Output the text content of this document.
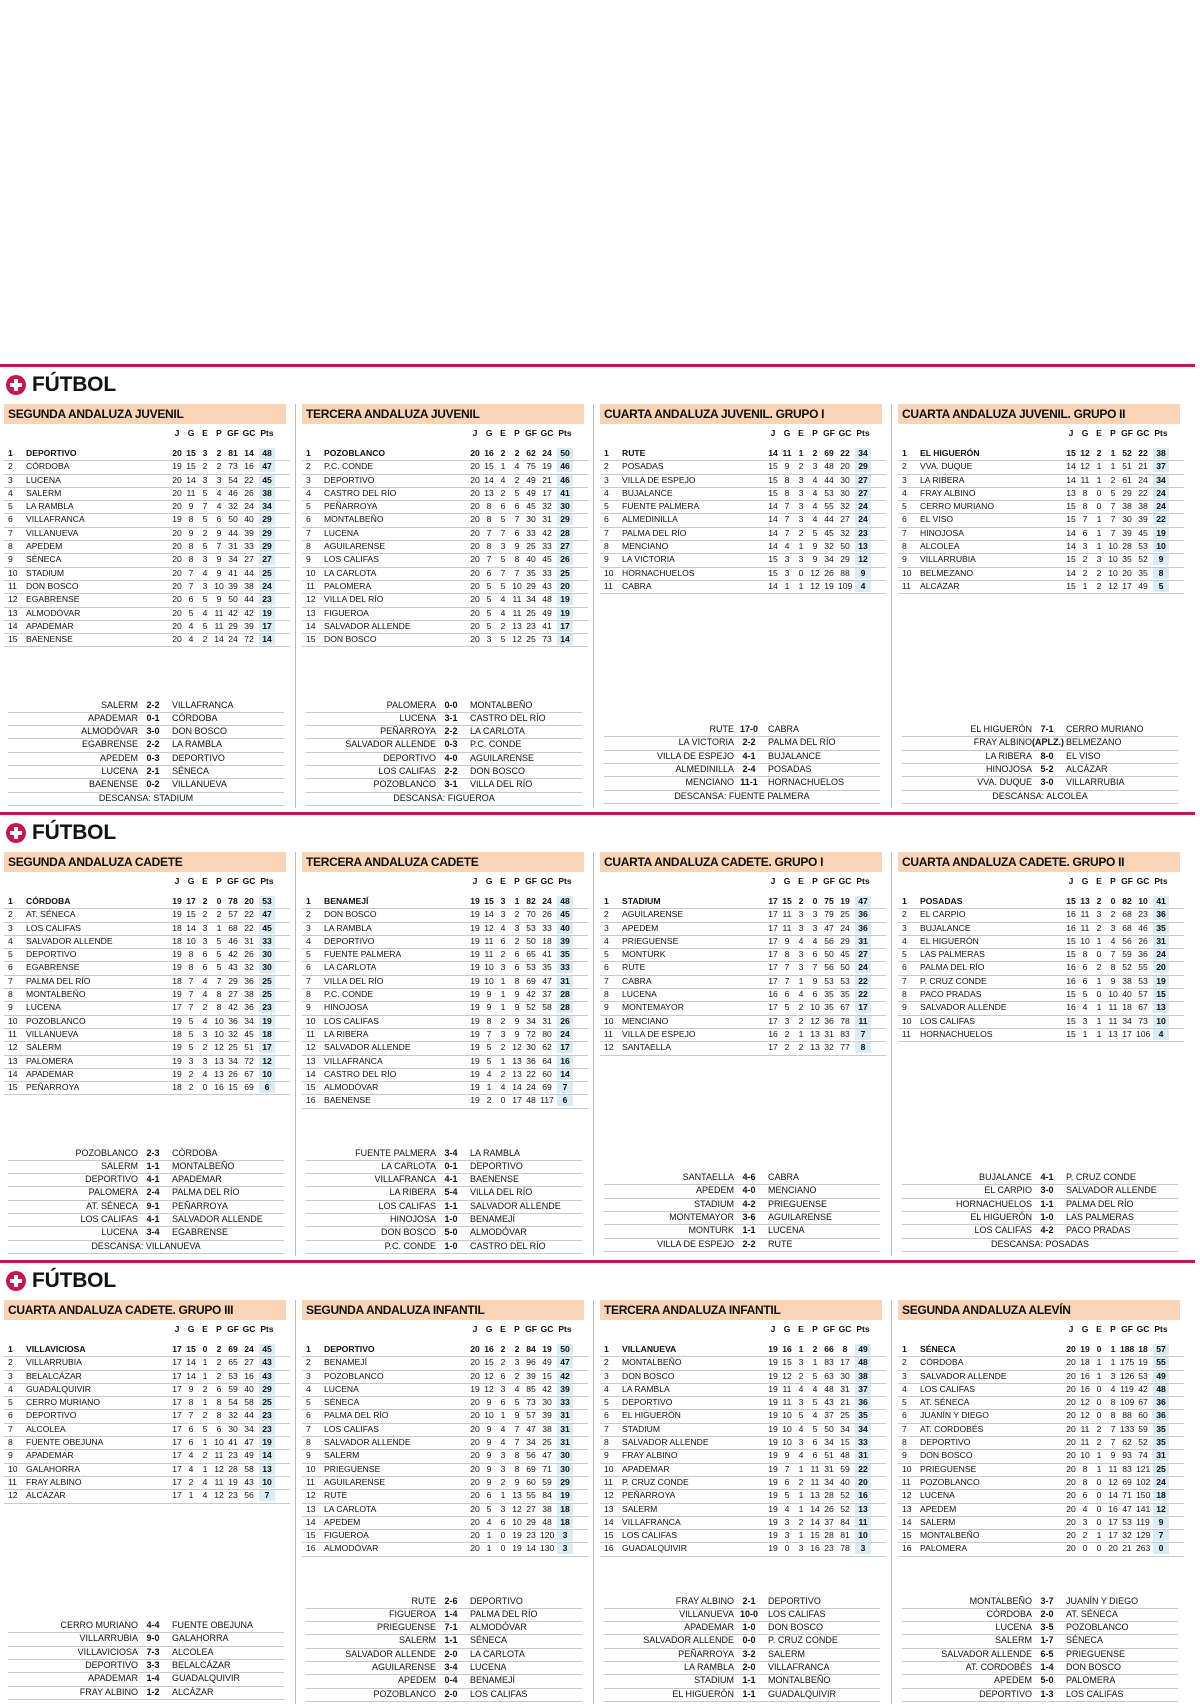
FÚTBOL
SEGUNDA ANDALUZA JUVENIL
J G E P GF GC Pts
1	DEPORTIVO	20 15 3	2 81 14 48
2	CÓRDOBA	19 15 2	2 73 16 47
3	LUCENA	20 14 3	3 54 22 45
4	SALERM	20 11 5	4 46 26 38
5	LA RAMBLA	20 9	7	4 32 24 34
6	VILLAFRANCA	19 8	5	6 50 40 29
7	VILLANUEVA	20 9	2	9 44 39 29
8	APEDEM	20 8	5	7 31 33 29
9	SÉNECA	20 8	3	9 34 27 27
10 STADIUM	20 7	4	9 41 44 25
11	DON BOSCO	20 7	3 10 39 38 24
12 EGABRENSE	20 6	5	9 50 44 23
13 ALMODÓVAR	20 5	4 11 42 42 19
14 APADEMAR	20 4	5 11 29 39 17
15 BAENENSE	20 4	2 14 24 72 14
SALERM 2-2	VILLAFRANCA
APADEMAR 0-1	CÓRDOBA
ALMODÓVAR 3-0	DON BOSCO
EGABRENSE 2-2	LA RAMBLA
APEDEM 0-3	DEPORTIVO
LUCENA 2-1	SÉNECA
BAENENSE 0-2	VILLANUEVA
DESCANSA: STADIUM
TERCERA ANDALUZA JUVENIL
J G E P GF GC Pts
1	POZOBLANCO	20 16 2	2 62 24 50
2	P.C. CONDE	20 15 1	4 75 19 46
3	DEPORTIVO	20 14 4	2 49 21 46
4	CASTRO DEL RÍO	20 13 2	5 49 17 41
5	PEÑARROYA	20 8	6	6 45 32 30
6	MONTALBEÑO	20 8	5	7 30 31 29
7	LUCENA	20 7	7	6 33 42 28
8	AGUILARENSE	20 8	3	9 25 33 27
9	LOS CALIFAS	20 7	5	8 40 45 26
10 LA CARLOTA	20 6	7	7 35 33 25
11	PALOMERA	20 5	5 10 29 43 20
12 VILLA DEL RÍO	20 5	4 11 34 48 19
13 FIGUEROA	20 5	4 11 25 49 19
14 SALVADOR ALLENDE	20 5	2 13 23 41 17
15 DON BOSCO	20 3	5 12 25 73 14
PALOMERA 0-0	MONTALBEÑO
LUCENA 3-1	CASTRO DEL RÍO
PEÑARROYA 2-2	LA CARLOTA
SALVADOR ALLENDE 0-3	P.C. CONDE
DEPORTIVO 4-0	AGUILARENSE
LOS CALIFAS 2-2	DON BOSCO
POZOBLANCO 3-1	VILLA DEL RÍO
DESCANSA: FIGUEROA
CUARTA ANDALUZA JUVENIL. GRUPO I
J G E P GF GC Pts
1	RUTE	14 11 1	2 69 22 34
2	POSADAS	15 9	2	3 48 20 29
3	VILLA DE ESPEJO	15 8	3	4 44 30 27
4	BUJALANCE	15 8	3	4 53 30 27
5	FUENTE PALMERA	14 7	3	4 55 32 24
6	ALMEDINILLA	14 7	3	4 44 27 24
7	PALMA DEL RÍO	14 7	2	5 45 32 23
8	MENCIANO	14 4	1	9 32 50 13
9	LA VICTORIA	15 3	3	9 34 29 12
10 HORNACHUELOS	15 3	0 12 26 88	9
11	CABRA	14 1	1 12 19 109 4
RUTE 17-0	CABRA
LA VICTORIA 2-2	PALMA DEL RÍO
VILLA DE ESPEJO 4-1	BUJALANCE
ALMEDINILLA 2-4	POSADAS
MENCIANO 11-1	HORNACHUELOS
DESCANSA: FUENTE PALMERA
CUARTA ANDALUZA JUVENIL. GRUPO II
J G E P GF GC Pts
1	EL HIGUERÓN	15 12 2	1 52 22 38
2	VVA. DUQUE	14 12 1	1 51 21 37
3	LA RIBERA	14 11 1	2 61 24 34
4	FRAY ALBINO	13 8	0	5 29 22 24
5	CERRO MURIANO	15 8	0	7 38 38 24
6	EL VISO	15 7	1	7 30 39 22
7	HINOJOSA	14 6	1	7 39 45 19
8	ALCOLEA	14 3	1 10 28 53 10
9	VILLARRUBIA	15 2	3 10 35 52	9
10 BELMEZANO	14 2	2 10 20 35	8
11	ALCÁZAR	15 1	2 12 17 49	5
EL HIGUERÓN 7-1	CERRO MURIANO
FRAY ALBINO (APLZ.) BELMEZANO
LA RIBERA 8-0	EL VISO
HINOJOSA 5-2	ALCÁZAR
VVA. DUQUE 3-0	VILLARRUBIA
DESCANSA: ALCOLEA
FÚTBOL
SEGUNDA ANDALUZA CADETE
J G E P GF GC Pts
1	CÓRDOBA	19 17 2	0 78 20 53
2	AT. SÉNECA	19 15 2	2 57 22 47
3	LOS CALIFAS	18 14 3	1 68 22 45
4	SALVADOR ALLENDE	18 10 3	5 46 31 33
5	DEPORTIVO	19 8	6	5 42 26 30
6	EGABRENSE	19 8	6	5 43 32 30
7	PALMA DEL RÍO	18 7	4	7 29 36 25
8	MONTALBEÑO	19 7	4	8 27 38 25
9	LUCENA	17 7	2	8 42 36 23
10 POZOBLANCO	19 5	4 10 36 34 19
11	VILLANUEVA	18 5	3 10 32 45 18
12 SALERM	19 5	2 12 25 51 17
13 PALOMERA	19 3	3 13 34 72 12
14 APADEMAR	19 2	4 13 26 67 10
15 PEÑARROYA	18 2	0 16 15 69	6
POZOBLANCO 2-3	CÓRDOBA
SALERM 1-1	MONTALBEÑO
DEPORTIVO 4-1	APADEMAR
PALOMERA 2-4	PALMA DEL RÍO
AT. SÉNECA 9-1	PEÑARROYA
LOS CALIFAS 4-1	SALVADOR ALLENDE
LUCENA 3-4	EGABRENSE
DESCANSA: VILLANUEVA
TERCERA ANDALUZA CADETE
J G E P GF GC Pts
1	BENAMEJÍ	19 15 3	1 82 24 48
2	DON BOSCO	19 14 3	2 70 26 45
3	LA RAMBLA	19 12 4	3 53 33 40
4	DEPORTIVO	19 11 6	2 50 18 39
5	FUENTE PALMERA	19 11 2	6 65 41 35
6	LA CARLOTA	19 10 3	6 53 35 33
7	VILLA DEL RÍO	19 10 1	8 69 47 31
8	P.C. CONDE	19 9	1	9 42 37 28
9	HINOJOSA	19 9	1	9 52 58 28
10 LOS CALIFAS	19 8	2	9 34 31 26
11	LA RIBERA	19 7	3	9 72 80 24
12 SALVADOR ALLENDE	19 5	2 12 30 62 17
13 VILLAFRANCA	19 5	1 13 36 64 16
14 CASTRO DEL RÍO	19 4	2 13 22 60 14
15 ALMODÓVAR	19 1	4 14 24 69	7
16 BAENENSE	19 2	0 17 48 117	6
FUENTE PALMERA 3-4	LA RAMBLA
LA CARLOTA 0-1	DEPORTIVO
VILLAFRANCA 4-1	BAENENSE
LA RIBERA 5-4	VILLA DEL RÍO
LOS CALIFAS 1-1	SALVADOR ALLENDE
HINOJOSA 1-0	BENAMEJÍ
DON BOSCO 5-0	ALMODÓVAR
P.C. CONDE 1-0	CASTRO DEL RÍO
CUARTA ANDALUZA CADETE. GRUPO I
J G E P GF GC Pts
1	STADIUM	17 15 2	0 75 19 47
2	AGUILARENSE	17 11 3	3 79 25 36
3	APEDEM	17 11 3	3 47 24 36
4	PRIEGUENSE	17 9	4	4 56 29 31
5	MONTURK	17 8	3	6 50 45 27
6	RUTE	17 7	3	7 56 50 24
7	CABRA	17 7	1	9 53 53 22
8	LUCENA	16 6	4	6 35 35 22
9	MONTEMAYOR	17 5	2 10 35 67 17
10 MENCIANO	17 3	2 12 36 78	11
11	VILLA DE ESPEJO	16 2	1 13 31 83	7
12 SANTAELLA	17 2	2 13 32 77	8
SANTAELLA 4-6	CABRA
APEDEM 4-0	MENCIANO
STADIUM 4-2	PRIEGUENSE
MONTEMAYOR 3-6	AGUILARENSE
MONTURK 1-1	LUCENA
VILLA DE ESPEJO 2-2	RUTE
CUARTA ANDALUZA CADETE. GRUPO II
J G E P GF GC Pts
1	POSADAS	15 13 2	0 82 10 41
2	EL CARPIO	16 11 3	2 68 23 36
3	BUJALANCE	16 11 2	3 68 46 35
4	EL HIGUERÓN	15 10 1	4 56 26 31
5	LAS PALMERAS	15 8	0	7 59 36 24
6	PALMA DEL RÍO	16 6	2	8 52 55 20
7	P. CRUZ CONDE	16 6	1	9 38 53 19
8	PACO PRADAS	15 5	0 10 40 57 15
9	SALVADOR ALLENDE	16 4	1 11 18 67 13
10 LOS CALIFAS	15 3	1 11 34 73 10
11	HORNACHUELOS	15 1	1 13 17 106 4
BUJALANCE 4-1	P. CRUZ CONDE
EL CARPIO 3-0	SALVADOR ALLENDE
HORNACHUELOS 1-1	PALMA DEL RÍO
EL HIGUERÓN 1-0	LAS PALMERAS
LOS CALIFAS 4-2	PACO PRADAS
DESCANSA: POSADAS
FÚTBOL
CUARTA ANDALUZA CADETE. GRUPO III
J G E P GF GC Pts
1	VILLAVICIOSA	17 15 0	2 69 24 45
2	VILLARRUBIA	17 14 1	2 65 27 43
3	BELALCÁZAR	17 14 1	2 53 16 43
4	GUADALQUIVIR	17 9	2	6 59 40 29
5	CERRO MURIANO	17 8	1	8 54 58 25
6	DEPORTIVO	17 7	2	8 32 44 23
7	ALCOLEA	17 6	5	6 30 34 23
8	FUENTE OBEJUNA	17 6	1 10 41 47 19
9	APADEMAR	17 4	2 11 23 49 14
10 GALAHORRA	17 4	1 12 28 58 13
11	FRAY ALBINO	17 2	4 11 19 43 10
12 ALCÁZAR	17 1	4 12 23 56	7
CERRO MURIANO 4-4	FUENTE OBEJUNA
VILLARRUBIA 9-0	GALAHORRA
VILLAVICIOSA 7-3	ALCOLEA
DEPORTIVO 3-3	BELALCÁZAR
APADEMAR 1-4	GUADALQUIVIR
FRAY ALBINO 1-2	ALCÁZAR
SEGUNDA ANDALUZA INFANTIL
J G E P GF GC Pts
1	DEPORTIVO	20 16 2	2 84 19 50
2	BENAMEJÍ	20 15 2	3 96 49 47
3	POZOBLANCO	20 12 6	2 39 15 42
4	LUCENA	19 12 3	4 85 42 39
5	SÉNECA	20 9	6	5 73 30 33
6	PALMA DEL RÍO	20 10 1	9 57 39 31
7	LOS CALIFAS	20 9	4	7 47 38 31
8	SALVADOR ALLENDE	20 9	4	7 34 25 31
9	SALERM	20 9	3	8 56 47 30
10 PRIEGUENSE	20 9	3	8 69 71 30
11	AGUILARENSE	20 9	2	9 60 59 29
12 RUTE	20 6	1 13 55 84 19
13 LA CARLOTA	20 5	3 12 27 38 18
14 APEDEM	20 4	6 10 29 48 18
15 FIGUEROA	20 1	0 19 23 120 3
16 ALMODÓVAR	20 1	0 19 14 130 3
RUTE 2-6	DEPORTIVO
FIGUEROA 1-4	PALMA DEL RÍO
PRIEGUENSE 7-1	ALMODÓVAR
SALERM 1-1	SÉNECA
SALVADOR ALLENDE 2-0	LA CARLOTA
AGUILARENSE 3-4	LUCENA
APEDEM 0-4	BENAMEJÍ
POZOBLANCO 2-0	LOS CALIFAS
TERCERA ANDALUZA INFANTIL
J G E P GF GC Pts
1	VILLANUEVA	19 16 1	2 66	8	49
2	MONTALBEÑO	19 15 3	1 83 17 48
3	DON BOSCO	19 12 2	5 63 30 38
4	LA RAMBLA	19 11 4	4 48 31 37
5	DEPORTIVO	19 11 3	5 43 21 36
6	EL HIGUERÓN	19 10 5	4 37 25 35
7	STADIUM	19 10 4	5 50 34 34
8	SALVADOR ALLENDE	19 10 3	6 34 15 33
9	FRAY ALBINO	19 9	4	6 51 48 31
10 APADEMAR	19 7	1 11 31 59 22
11	P. CRUZ CONDE	19 6	2 11 34 40 20
12 PEÑARROYA	19 5	1 13 28 52 16
13 SALERM	19 4	1 14 26 52 13
14 VILLAFRANCA	19 3	2 14 37 84	11
15 LOS CALIFAS	19 3	1 15 28 81 10
16 GUADALQUIVIR	19 0	3 16 23 78	3
FRAY ALBINO 2-1	DEPORTIVO
VILLANUEVA 10-0	LOS CALIFAS
APADEMAR 1-0	DON BOSCO
SALVADOR ALLENDE 0-0	P. CRUZ CONDE
PEÑARROYA 3-2	SALERM
LA RAMBLA 2-0	VILLAFRANCA
STADIUM 1-1	MONTALBEÑO
EL HIGUERÓN 1-1	GUADALQUIVIR
SEGUNDA ANDALUZA ALEVÍN
J G E P GF GC Pts
1	SÉNECA	20 19 0	1 188 18 57
2	CÓRDOBA	20 18 1	1 175 19 55
3	SALVADOR ALLENDE	20 16 1	3 126 53 49
4	LOS CALIFAS	20 16 0	4 119 42 48
5	AT. SÉNECA	20 12 0	8 109 67 36
6	JUANÍN Y DIEGO	20 12 0	8 88 60 36
7	AT. CORDOBÉS	20 11 2	7 133 59 35
8	DEPORTIVO	20 11 2	7 62 52 35
9	DON BOSCO	20 10 1	9 93 74 31
10 PRIEGUENSE	20 8	1 11 83 121 25
11	POZOBLANCO	20 8	0 12 69 102 24
12 LUCENA	20 6	0 14 71 150 18
13 APEDEM	20 4	0 16 47 141 12
14 SALERM	20 3	0 17 53 119	9
15 MONTALBEÑO	20 2	1 17 32 129 7
16 PALOMERA	20 0	0 20 21 263 0
MONTALBEÑO 3-7	JUANÍN Y DIEGO
CÓRDOBA 2-0	AT. SÉNECA
LUCENA 3-5	POZOBLANCO
SALERM 1-7	SÉNECA
SALVADOR ALLENDE 6-5	PRIEGUENSE
AT. CORDOBÉS 1-4	DON BOSCO
APEDEM 5-0	PALOMERA
DEPORTIVO 1-3	LOS CALIFAS
